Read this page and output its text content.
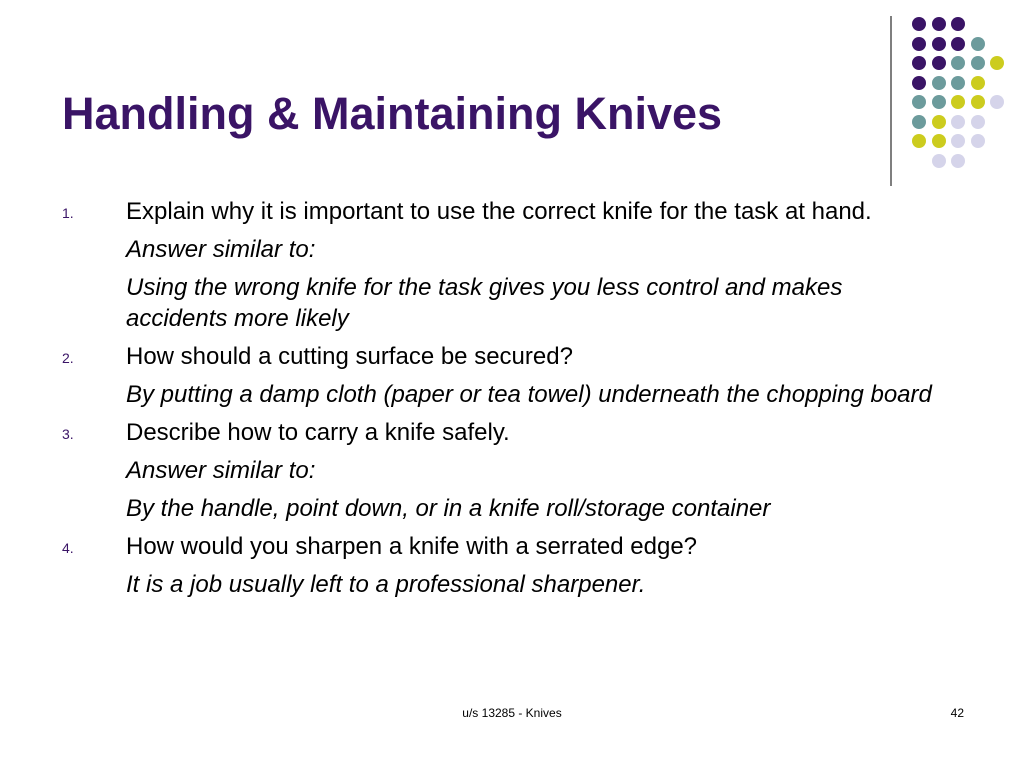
Handling & Maintaining Knives
1. Explain why it is important to use the correct knife for the task at hand.
Answer similar to:
Using the wrong knife for the task gives you less control and makes accidents more likely
2. How should a cutting surface be secured?
By putting a damp cloth (paper or tea towel) underneath the chopping board
3. Describe how to carry a knife safely.
Answer similar to:
By the handle, point down, or in a knife roll/storage container
4. How would you sharpen a knife with a serrated edge?
It is a job usually left to a professional sharpener.
u/s 13285 - Knives	42
